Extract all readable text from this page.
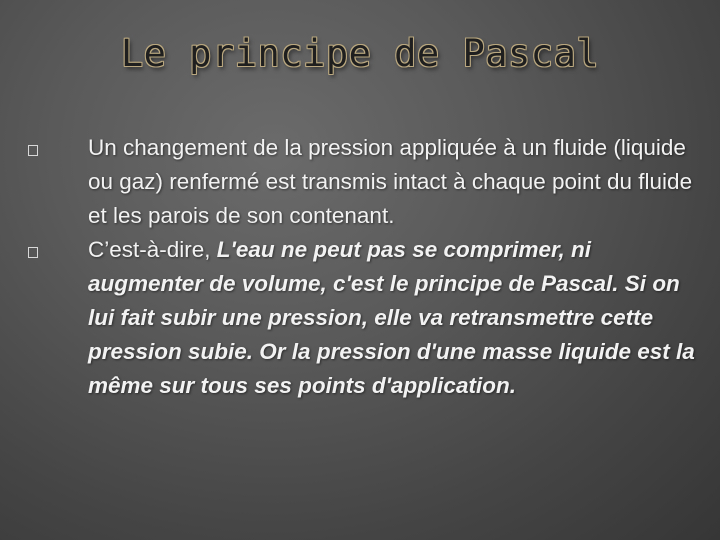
Le principe de Pascal
Un changement de la pression appliquée à un fluide (liquide ou gaz) renfermé est transmis intact à chaque point du fluide et les parois de son contenant.
C’est-à-dire, L'eau ne peut pas se comprimer, ni augmenter de volume, c'est le principe de Pascal. Si on lui fait subir une pression, elle va retransmettre cette pression subie. Or la pression d'une masse liquide est la même sur tous ses points d'application.
